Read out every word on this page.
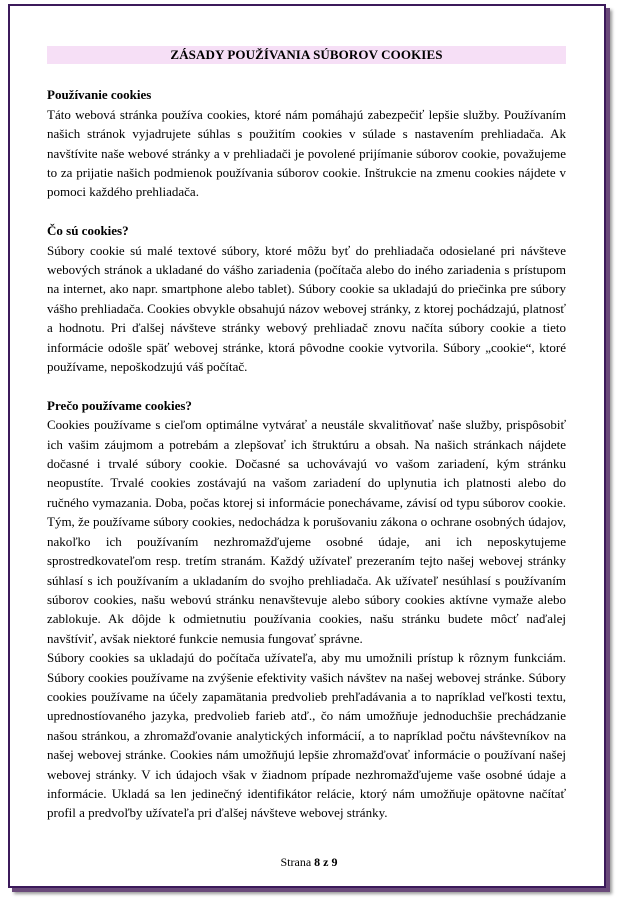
ZÁSADY POUŽÍVANIA SÚBOROV COOKIES

Používanie cookies

Táto webová stránka používa cookies, ktoré nám pomáhajú zabezpečiť lepšie služby. Používaním našich stránok vyjadrujete súhlas s použitím cookies v súlade s nastavením prehliadača. Ak navštívite naše webové stránky a v prehliadači je povolené prijímanie súborov cookie, považujeme to za prijatie našich podmienok používania súborov cookie. Inštrukcie na zmenu cookies nájdete v pomoci každého prehliadača.

Čo sú cookies?

Súbory cookie sú malé textové súbory, ktoré môžu byť do prehliadača odosielané pri návšteve webových stránok a ukladané do vášho zariadenia (počítača alebo do iného zariadenia s prístupom na internet, ako napr. smartphone alebo tablet). Súbory cookie sa ukladajú do priečinka pre súbory vášho prehliadača. Cookies obvykle obsahujú názov webovej stránky, z ktorej pochádzajú, platnosť a hodnotu. Pri ďalšej návšteve stránky webový prehliadač znovu načíta súbory cookie a tieto informácie odošle späť webovej stránke, ktorá pôvodne cookie vytvorila. Súbory „cookie“, ktoré používame, nepoškodzujú váš počítač.

Prečo používame cookies?

Cookies používame s cieľom optimálne vytvárať a neustále skvalitňovať naše služby, prispôsobiť ich vašim záujmom a potrebám a zlepšovať ich štruktúru a obsah. Na našich stránkach nájdete dočasné i trvalé súbory cookie. Dočasné sa uchovávajú vo vašom zariadení, kým stránku neopustíte. Trvalé cookies zostávajú na vašom zariadení do uplynutia ich platnosti alebo do ručného vymazania. Doba, počas ktorej si informácie ponechávame, závisí od typu súborov cookie. Tým, že používame súbory cookies, nedochádza k porušovaniu zákona o ochrane osobných údajov, nakoľko ich používaním nezhromažďujeme osobné údaje, ani ich neposkytujeme sprostredkovateľom resp. tretím stranám. Každý užívateľ prezeraním tejto našej webovej stránky súhlasí s ich používaním a ukladaním do svojho prehliadača. Ak užívateľ nesúhlasí s používaním súborov cookies, našu webovú stránku nenavštevuje alebo súbory cookies aktívne vymaže alebo zablokuje. Ak dôjde k odmietnutiu používania cookies, našu stránku budete môcť naďalej navštíviť, avšak niektoré funkcie nemusia fungovať správne.

Súbory cookies sa ukladajú do počítača užívateľa, aby mu umožnili prístup k rôznym funkciám. Súbory cookies používame na zvýšenie efektivity vašich návštev na našej webovej stránke. Súbory cookies používame na účely zapamätania predvolieb prehľadávania a to napríklad veľkosti textu, uprednostíovaného jazyka, predvolieb farieb atď., čo nám umožňuje jednoduchšie prechádzanie našou stránkou, a zhromažďovanie analytických informácií, a to napríklad počtu návštevníkov na našej webovej stránke. Cookies nám umožňujú lepšie zhromažďovať informácie o používaní našej webovej stránky. V ich údajoch však v žiadnom prípade nezhromažďujeme vaše osobné údaje a informácie. Ukladá sa len jedinečný identifikátor relácie, ktorý nám umožňuje opätovne načítať profil a predvoľby užívateľa pri ďalšej návšteve webovej stránky.

Strana 8 z 9
